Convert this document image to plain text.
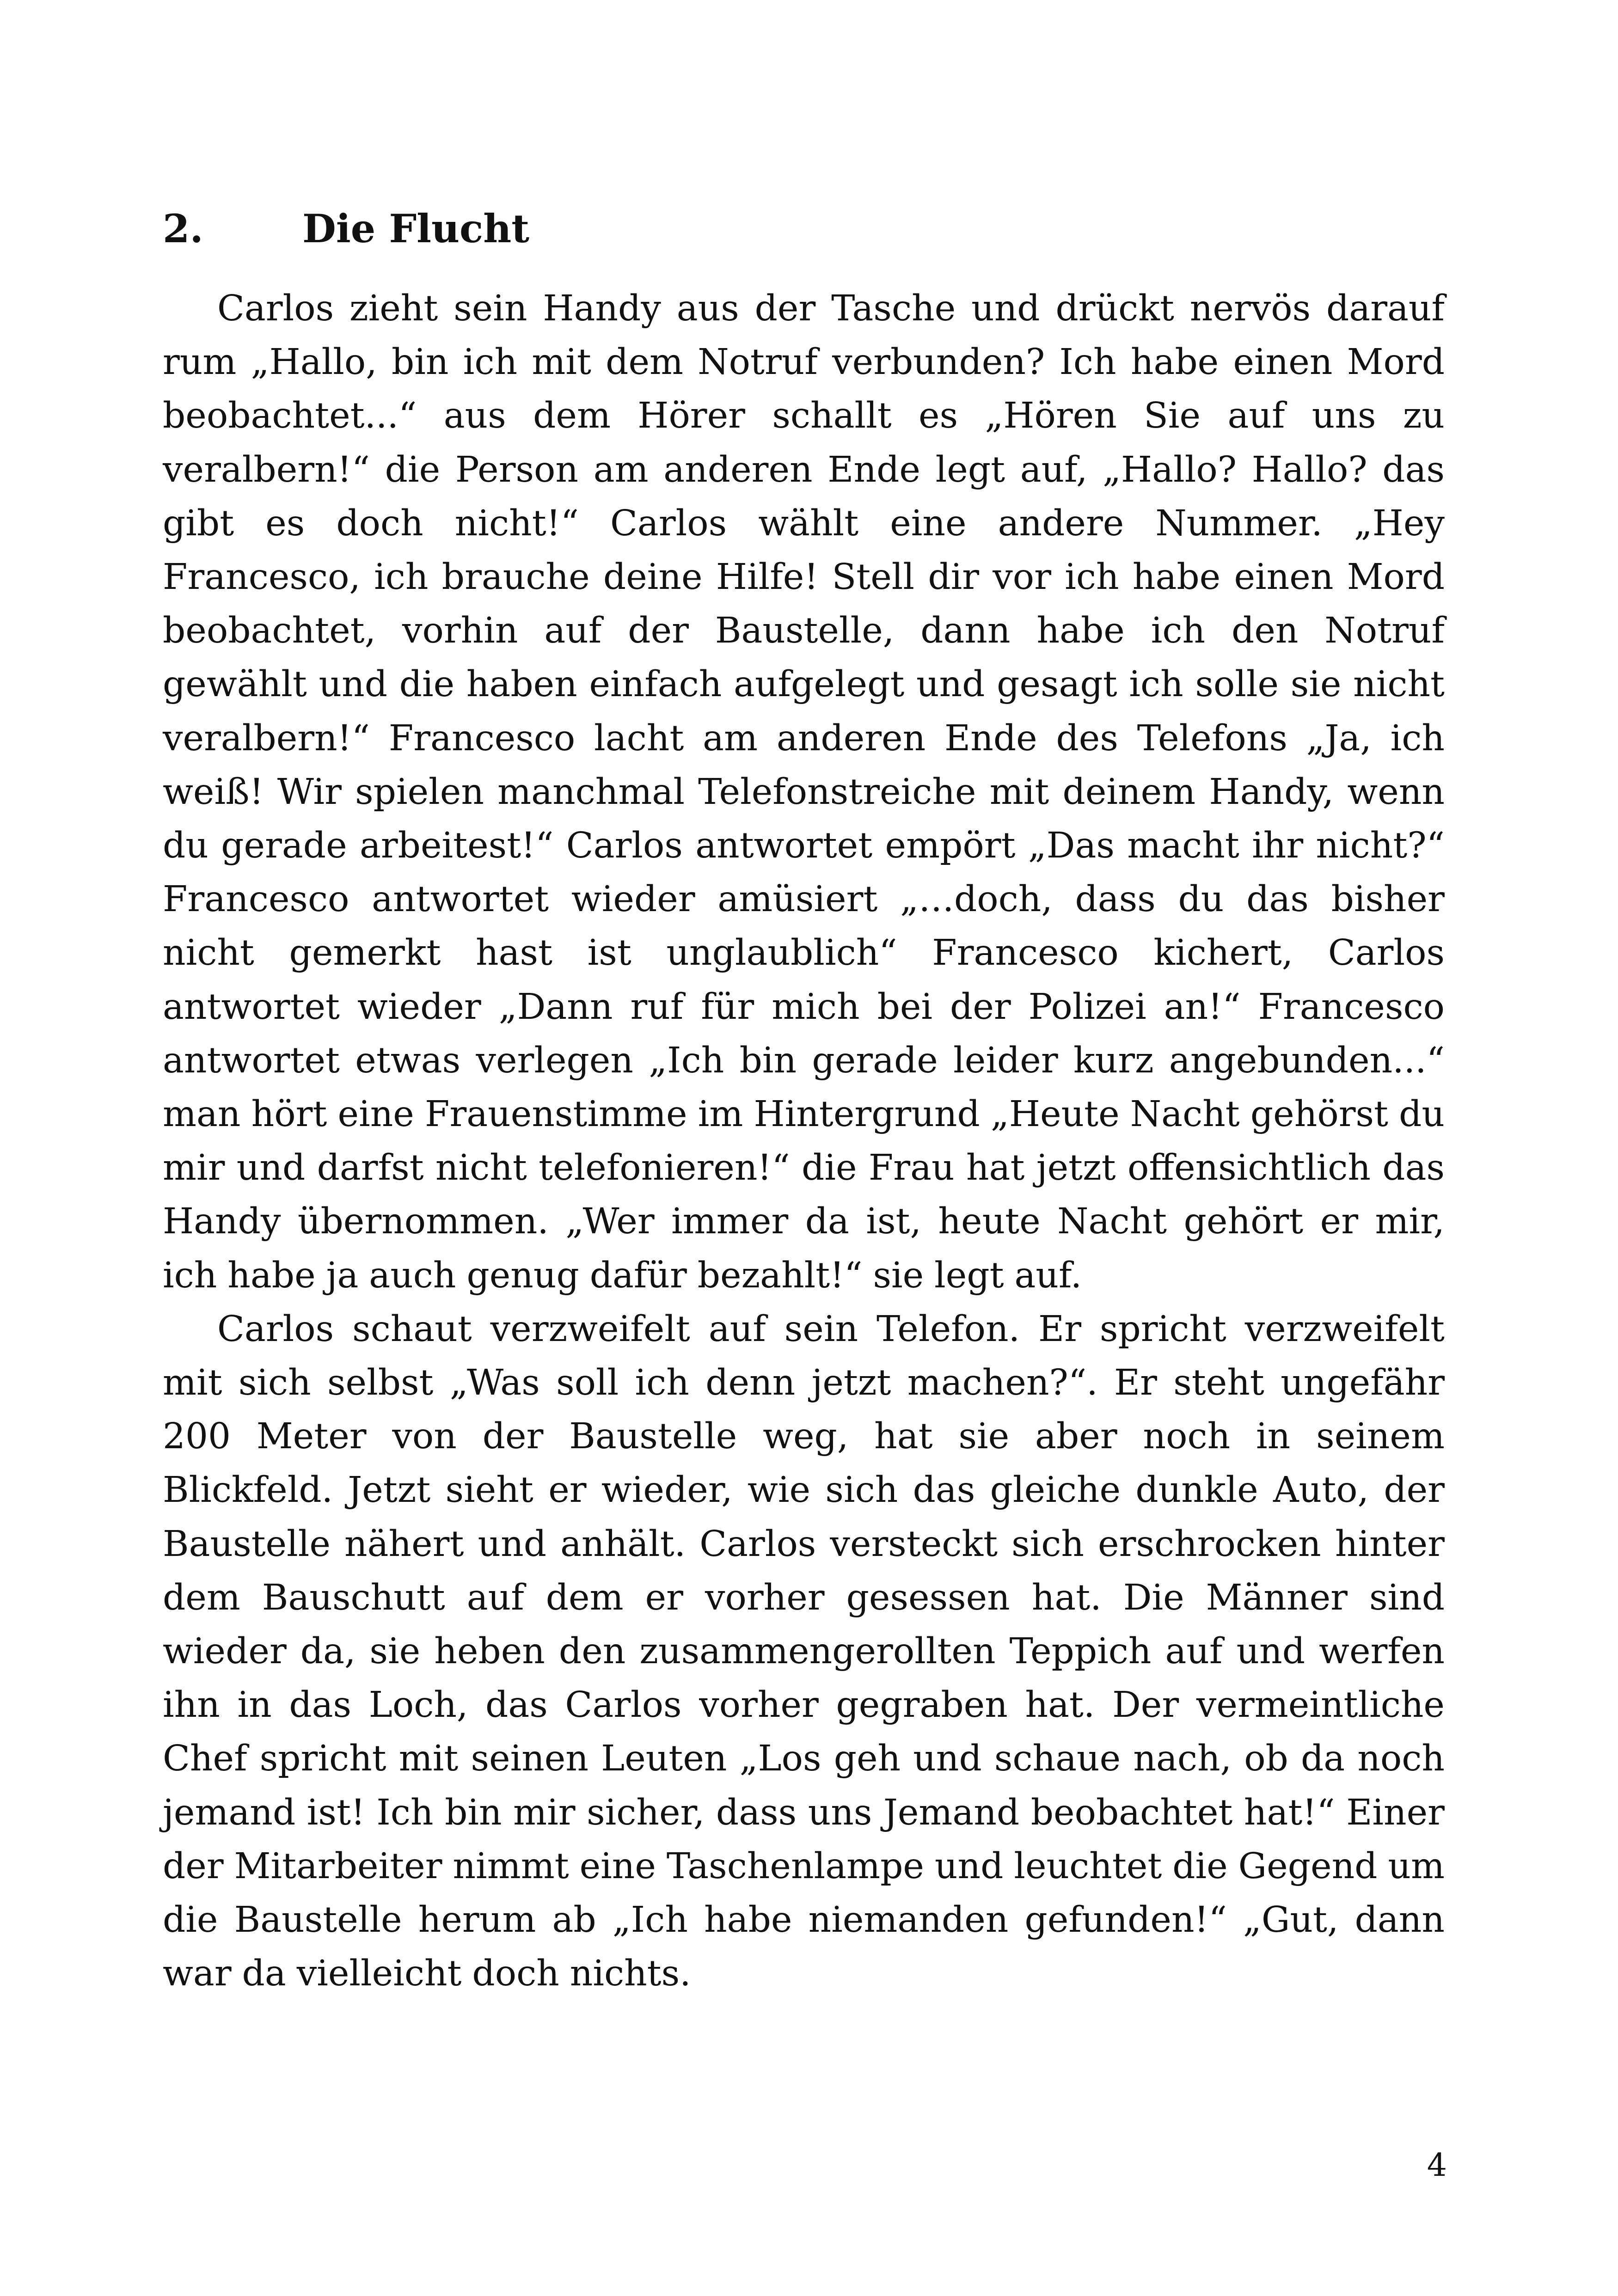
2.	Die Flucht

Carlos zieht sein Handy aus der Tasche und drückt nervös darauf rum „Hallo, bin ich mit dem Notruf verbunden? Ich habe einen Mord beobachtet...“ aus dem Hörer schallt es „Hören Sie auf uns zu veralbern!“ die Person am anderen Ende legt auf, „Hallo? Hallo? das gibt es doch nicht!“ Carlos wählt eine andere Nummer. „Hey Francesco, ich brauche deine Hilfe! Stell dir vor ich habe einen Mord beobachtet, vorhin auf der Baustelle, dann habe ich den Notruf gewählt und die haben einfach aufgelegt und gesagt ich solle sie nicht veralbern!“ Francesco lacht am anderen Ende des Telefons „Ja, ich weiß! Wir spielen manchmal Telefonstreiche mit deinem Handy, wenn du gerade arbeitest!“ Carlos antwortet empört „Das macht ihr nicht?“ Francesco antwortet wieder amüsiert „…doch, dass du das bisher nicht gemerkt hast ist unglaublich“ Francesco kichert, Carlos antwortet wieder „Dann ruf für mich bei der Polizei an!“ Francesco antwortet etwas verlegen „Ich bin gerade leider kurz angebunden...“ man hört eine Frauenstimme im Hintergrund „Heute Nacht gehörst du mir und darfst nicht telefonieren!“ die Frau hat jetzt offensichtlich das Handy übernommen. „Wer immer da ist, heute Nacht gehört er mir, ich habe ja auch genug dafür bezahlt!“ sie legt auf.

Carlos schaut verzweifelt auf sein Telefon. Er spricht verzweifelt mit sich selbst „Was soll ich denn jetzt machen?“. Er steht ungefähr 200 Meter von der Baustelle weg, hat sie aber noch in seinem Blickfeld. Jetzt sieht er wieder, wie sich das gleiche dunkle Auto, der Baustelle nähert und anhält. Carlos versteckt sich erschrocken hinter dem Bauschutt auf dem er vorher gesessen hat. Die Männer sind wieder da, sie heben den zusammengerollten Teppich auf und werfen ihn in das Loch, das Carlos vorher gegraben hat. Der vermeintliche Chef spricht mit seinen Leuten „Los geh und schaue nach, ob da noch jemand ist! Ich bin mir sicher, dass uns Jemand beobachtet hat!“ Einer der Mitarbeiter nimmt eine Taschenlampe und leuchtet die Gegend um die Baustelle herum ab „Ich habe niemanden gefunden!“ „Gut, dann war da vielleicht doch nichts.

4
